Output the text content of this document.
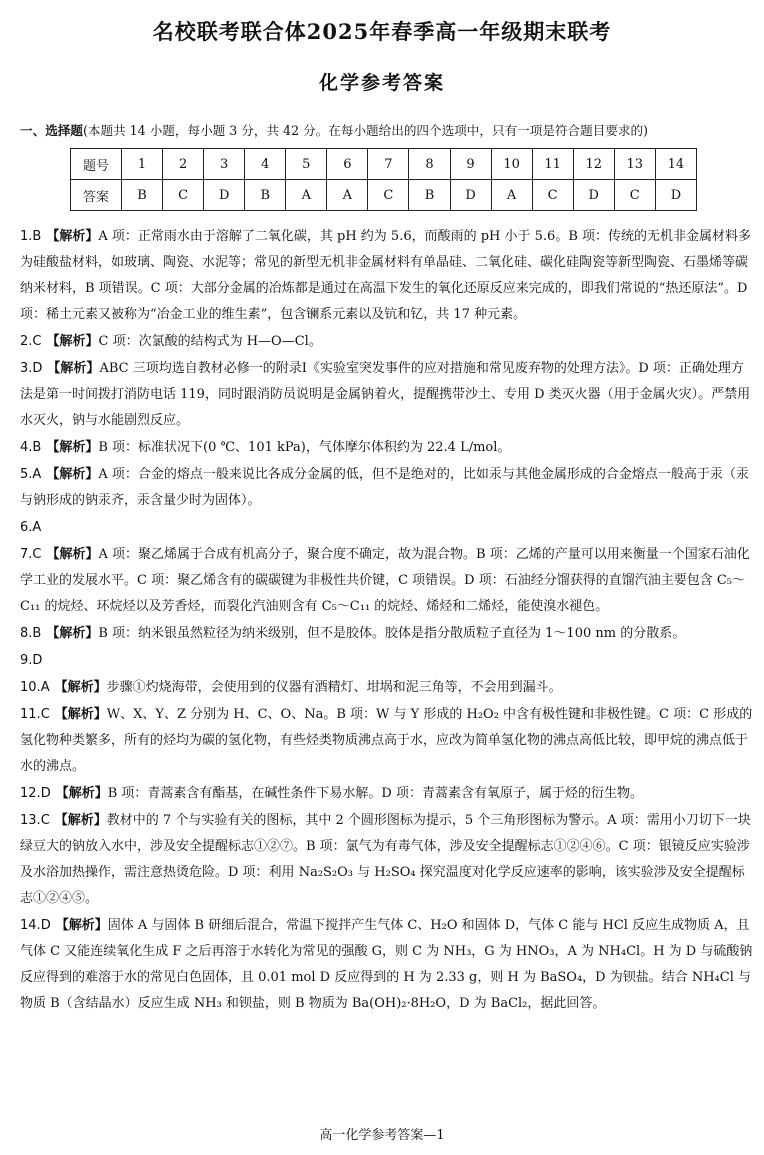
名校联考联合体2025年春季高一年级期末联考
化学参考答案
一、选择题(本题共 14 小题，每小题 3 分，共 42 分。在每小题给出的四个选项中，只有一项是符合题目要求的)
题号	1	2	3	4	5	6	7	8	9	10	11	12	13	14
答案	B	C	D	B	A	A	C	B	D	A	C	D	C	D
1.B 【解析】A 项：正常雨水由于溶解了二氧化碳，其 pH 约为 5.6，而酸雨的 pH 小于 5.6。B 项：传统的无机非金属材料多为硅酸盐材料，如玻璃、陶瓷、水泥等；常见的新型无机非金属材料有单晶硅、二氧化硅、碳化硅陶瓷等新型陶瓷、石墨烯等碳纳米材料，B 项错误。C 项：大部分金属的冶炼都是通过在高温下发生的氧化还原反应来完成的，即我们常说的“热还原法”。D 项：稀土元素又被称为“冶金工业的维生素”，包含镧系元素以及钪和钇，共 17 种元素。
2.C 【解析】C 项：次氯酸的结构式为 H—O—Cl。
3.D 【解析】ABC 三项均选自教材必修一的附录Ⅰ《实验室突发事件的应对措施和常见废弃物的处理方法》。D 项：正确处理方法是第一时间拨打消防电话 119，同时跟消防员说明是金属钠着火，提醒携带沙土、专用 D 类灭火器（用于金属火灾）。严禁用水灭火，钠与水能剧烈反应。
4.B 【解析】B 项：标准状况下(0 ℃、101 kPa)，气体摩尔体积约为 22.4 L/mol。
5.A 【解析】A 项：合金的熔点一般来说比各成分金属的低，但不是绝对的，比如汞与其他金属形成的合金熔点一般高于汞（汞与钠形成的钠汞齐，汞含量少时为固体）。
6.A
7.C 【解析】A 项：聚乙烯属于合成有机高分子，聚合度不确定，故为混合物。B 项：乙烯的产量可以用来衡量一个国家石油化学工业的发展水平。C 项：聚乙烯含有的碳碳键为非极性共价键，C 项错误。D 项：石油经分馏获得的直馏汽油主要包含 C₅～C₁₁ 的烷烃、环烷烃以及芳香烃，而裂化汽油则含有 C₅～C₁₁ 的烷烃、烯烃和二烯烃，能使溴水褪色。
8.B 【解析】B 项：纳米银虽然粒径为纳米级别，但不是胶体。胶体是指分散质粒子直径为 1～100 nm 的分散系。
9.D
10.A 【解析】步骤①灼烧海带，会使用到的仪器有酒精灯、坩埚和泥三角等，不会用到漏斗。
11.C 【解析】W、X、Y、Z 分别为 H、C、O、Na。B 项：W 与 Y 形成的 H₂O₂ 中含有极性键和非极性键。C 项：C 形成的氢化物种类繁多，所有的烃均为碳的氢化物，有些烃类物质沸点高于水，应改为简单氢化物的沸点高低比较，即甲烷的沸点低于水的沸点。
12.D 【解析】B 项：青蒿素含有酯基，在碱性条件下易水解。D 项：青蒿素含有氧原子，属于烃的衍生物。
13.C 【解析】教材中的 7 个与实验有关的图标，其中 2 个圆形图标为提示，5 个三角形图标为警示。A 项：需用小刀切下一块绿豆大的钠放入水中，涉及安全提醒标志①②⑦。B 项：氯气为有毒气体，涉及安全提醒标志①②④⑥。C 项：银镜反应实验涉及水浴加热操作，需注意热烫危险。D 项：利用 Na₂S₂O₃ 与 H₂SO₄ 探究温度对化学反应速率的影响，该实验涉及安全提醒标志①②④⑤。
14.D 【解析】固体 A 与固体 B 研细后混合，常温下搅拌产生气体 C、H₂O 和固体 D，气体 C 能与 HCl 反应生成物质 A，且气体 C 又能连续氧化生成 F 之后再溶于水转化为常见的强酸 G，则 C 为 NH₃，G 为 HNO₃，A 为 NH₄Cl。H 为 D 与硫酸钠反应得到的难溶于水的常见白色固体，且 0.01 mol D 反应得到的 H 为 2.33 g，则 H 为 BaSO₄，D 为钡盐。结合 NH₄Cl 与物质 B（含结晶水）反应生成 NH₃ 和钡盐，则 B 物质为 Ba(OH)₂·8H₂O，D 为 BaCl₂，据此回答。
高一化学参考答案—1
